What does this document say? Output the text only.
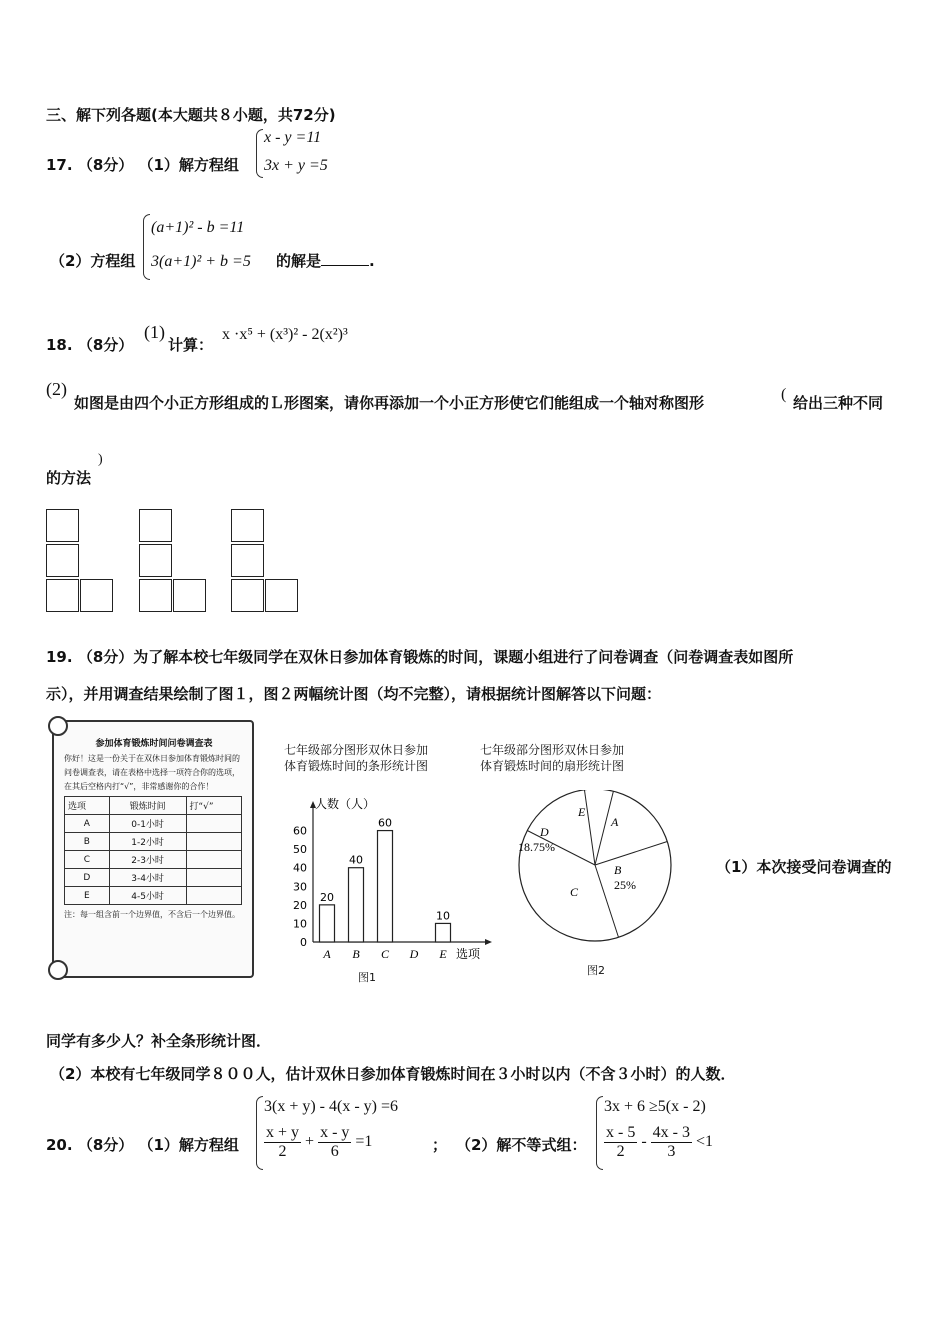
三、解下列各题(本大题共８小题，共72分)
17. （8分） （1）解方程组
x - y =11
3x + y =5
（2）方程组
(a+1)² - b =11
3(a+1)² + b =5 的解是	.
18. （8分）
(1)
计算：
x ·x⁵ + (x³)² - 2(x²)³
(2)
如图是由四个小正方形组成的Ｌ形图案，请你再添加一个小正方形使它们能组成一个轴对称图形	( 给出三种不同
的方法
)
19. （8分）为了解本校七年级同学在双休日参加体育锻炼的时间，课题小组进行了问卷调查（问卷调查表如图所
示），并用调查结果绘制了图１，图２两幅统计图（均不完整），请根据统计图解答以下问题：
参加体育锻炼时间问卷调查表
你好！这是一份关于在双休日参加体育锻炼时间的问卷调查表，请在表格中选择一项符合你的选项，在其后空格内打“√”，非常感谢你的合作！
选项	锻炼时间	打“√”
A	0-1小时	
B	1-2小时	
C	2-3小时	
D	3-4小时	
E	4-5小时	
注：每一组含前一个边界值，不含后一个边界值。
七年级部分图形双休日参加
体育锻炼时间的条形统计图
人数（人）
选项
0
10
20
30
40
50
60
20
A
40
B
60
C D
10
E
图1
七年级部分图形双休日参加
体育锻炼时间的扇形统计图
A
B
25%
C
D
18.75%
E
图2
（1）本次接受问卷调查的
同学有多少人？补全条形统计图．
（2）本校有七年级同学８００人，估计双休日参加体育锻炼时间在３小时以内（不含３小时）的人数．
20. （8分） （1）解方程组
3(x + y) - 4(x - y) =6
$\frac{x + y}{2} + \frac{x - y}{6} =1$	； （2）解不等式组：
3x + 6 ≥5(x - 2)
$\frac{x - 5}{2} - \frac{4x - 3}{3} <1$
